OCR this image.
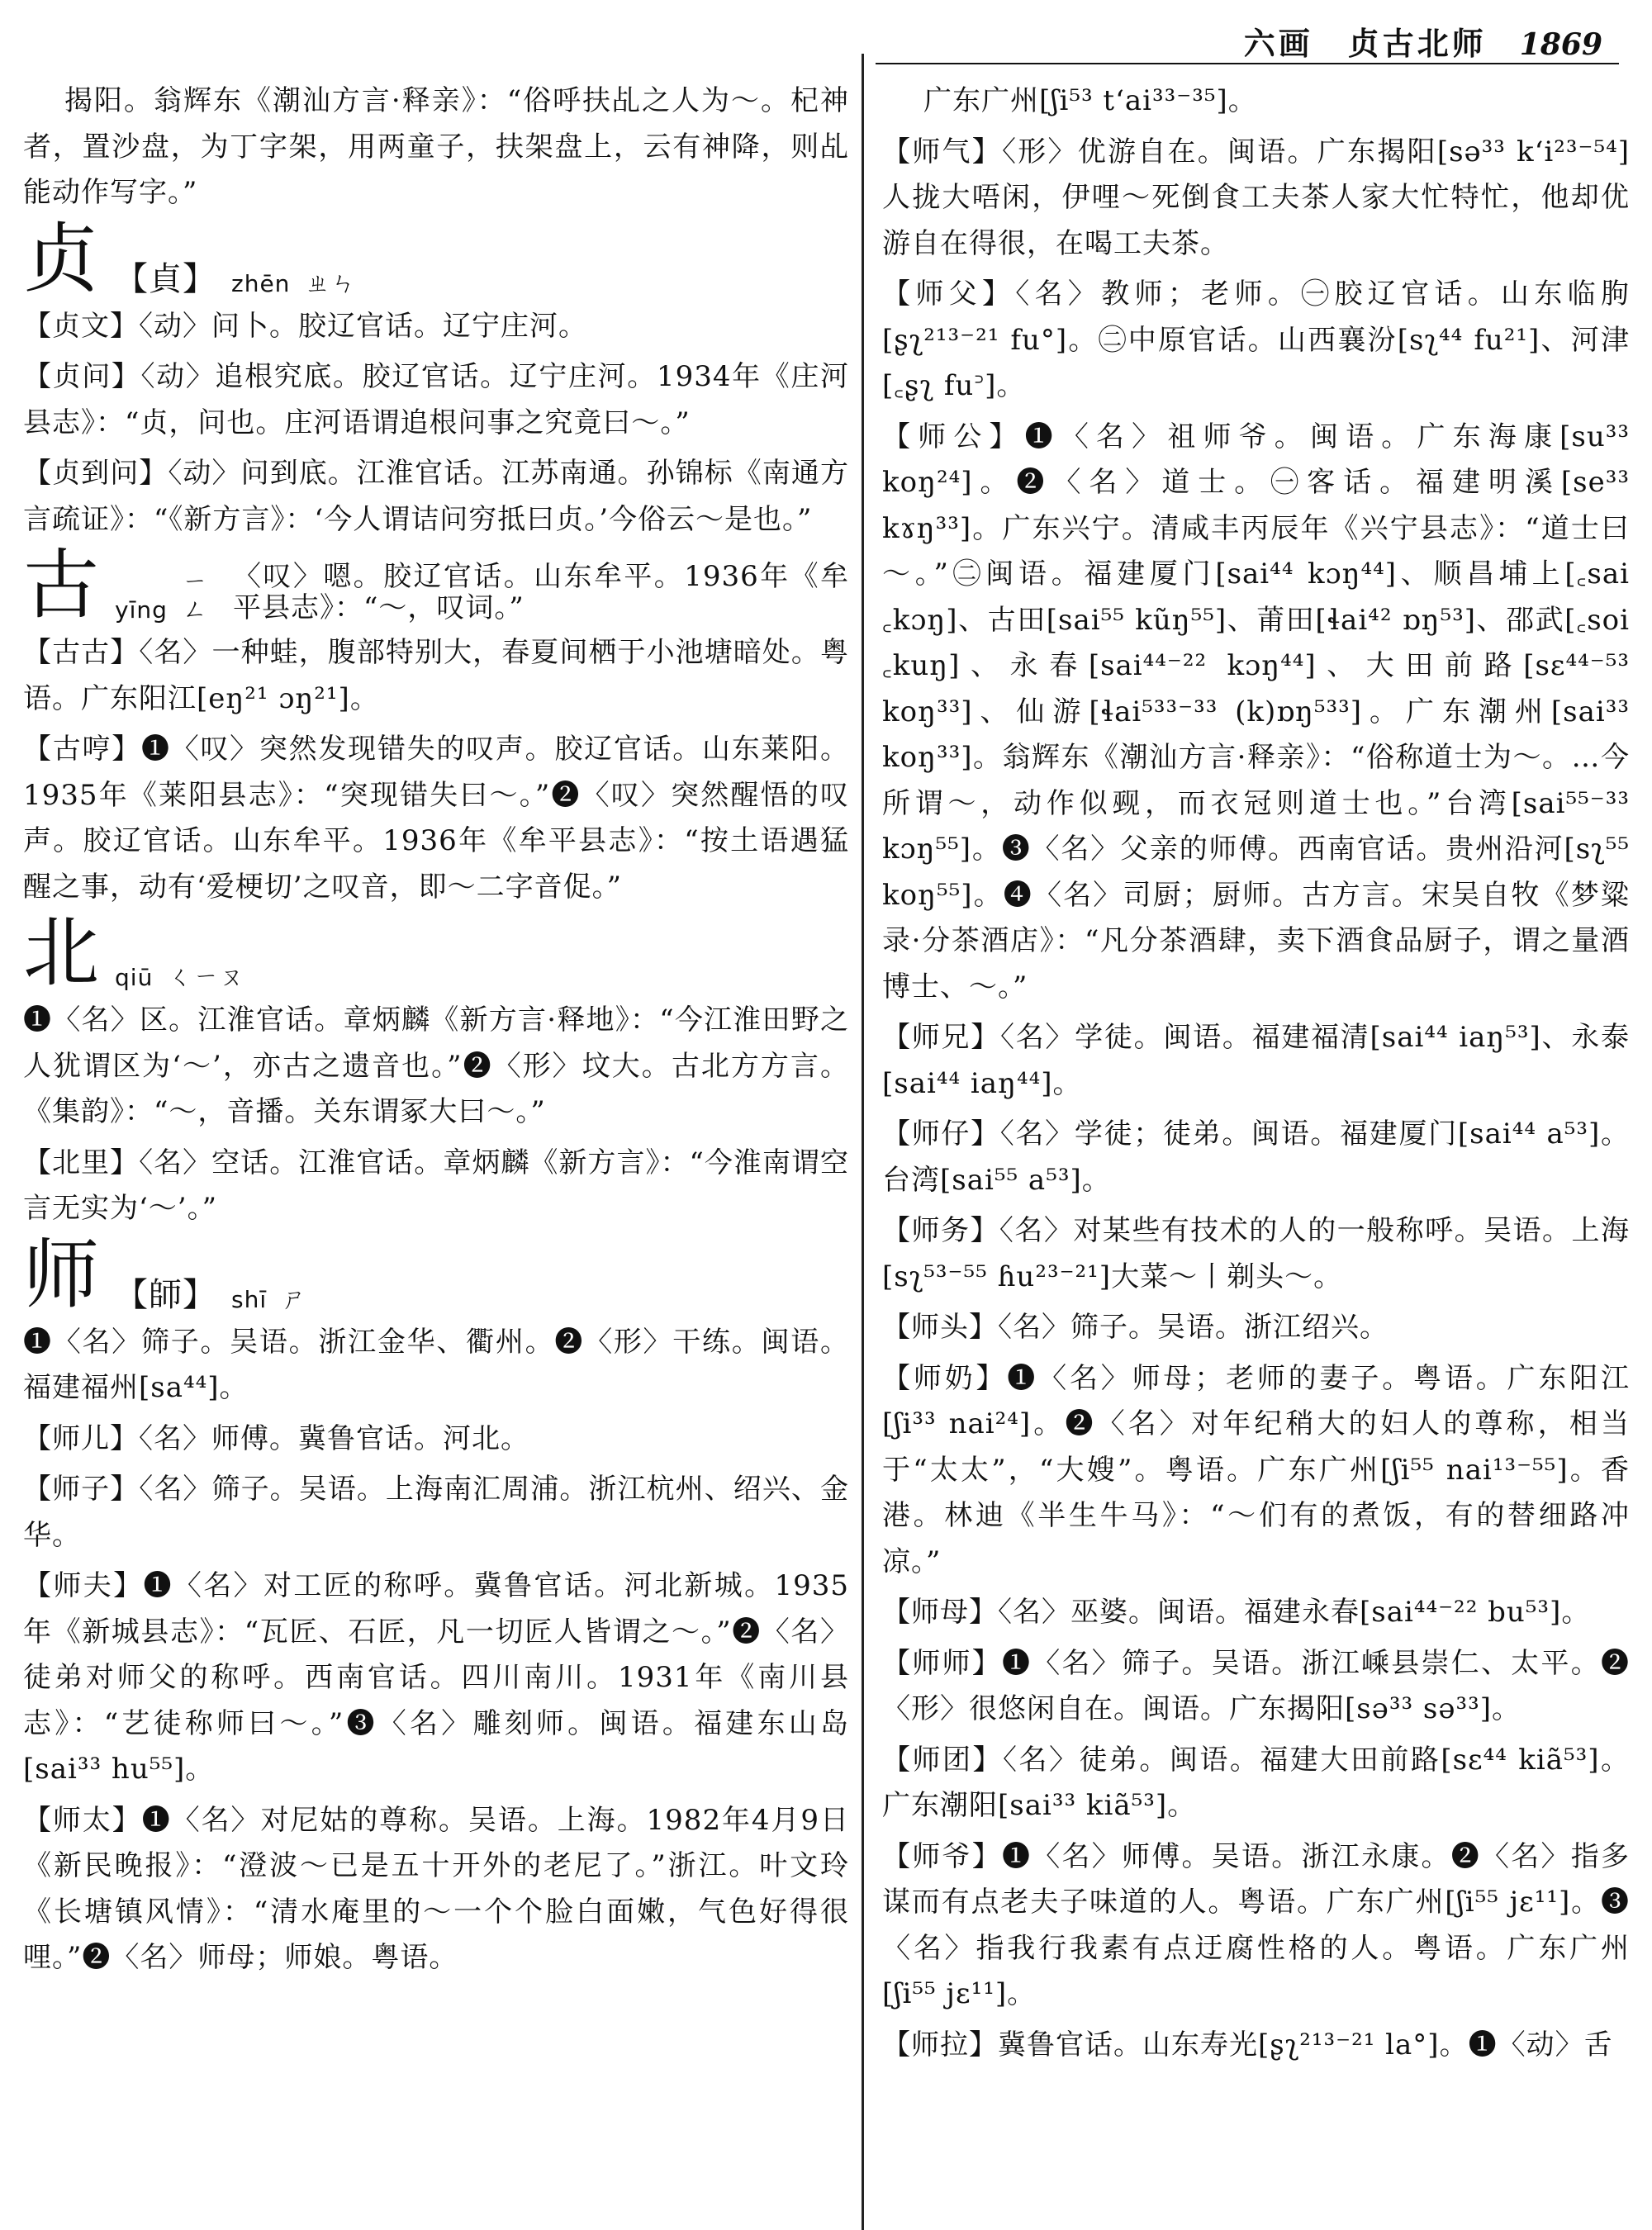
六画　贞古北师 1869

揭阳。翁辉东《潮汕方言·释亲》：“俗呼扶乩之人为～。杞神者，置沙盘，为丁字架，用两童子，扶架盘上，云有神降，则乩能动作写字。”

贞 【貞】 zhēn ㄓㄣ

【贞文】〈动〉问卜。胶辽官话。辽宁庄河。

【贞问】〈动〉追根究底。胶辽官话。辽宁庄河。1934年《庄河县志》：“贞，问也。庄河语谓追根问事之究竟曰～。”

【贞到问】〈动〉问到底。江淮官话。江苏南通。孙锦标《南通方言疏证》：“《新方言》：‘今人谓诘问穷抵曰贞。’今俗云～是也。”

古 yīng
ㄧㄥ
〈叹〉嗯。胶辽官话。山东牟平。1936年《牟平县志》：“～，叹词。”

【古古】〈名〉一种蛙，腹部特别大，春夏间栖于小池塘暗处。粤语。广东阳江[eŋ²¹ ɔŋ²¹]。

【古哼】❶〈叹〉突然发现错失的叹声。胶辽官话。山东莱阳。1935年《莱阳县志》：“突现错失曰～。”❷〈叹〉突然醒悟的叹声。胶辽官话。山东牟平。1936年《牟平县志》：“按土语遇猛醒之事，动有‘爱梗切’之叹音，即～二字音促。”

北 qiū ㄑㄧㄡ

❶〈名〉区。江淮官话。章炳麟《新方言·释地》：“今江淮田野之人犹谓区为‘～’，亦古之遗音也。”❷〈形〉坟大。古北方方言。《集韵》：“～，音播。关东谓冢大曰～。”

【北里】〈名〉空话。江淮官话。章炳麟《新方言》：“今淮南谓空言无实为‘～’。”

师 【師】 shī ㄕ

❶〈名〉筛子。吴语。浙江金华、衢州。❷〈形〉干练。闽语。福建福州[sa⁴⁴]。

【师儿】〈名〉师傅。冀鲁官话。河北。

【师子】〈名〉筛子。吴语。上海南汇周浦。浙江杭州、绍兴、金华。

【师夫】❶〈名〉对工匠的称呼。冀鲁官话。河北新城。1935年《新城县志》：“瓦匠、石匠，凡一切匠人皆谓之～。”❷〈名〉徒弟对师父的称呼。西南官话。四川南川。1931年《南川县志》：“艺徒称师曰～。”❸〈名〉雕刻师。闽语。福建东山岛[sai³³ hu⁵⁵]。

【师太】❶〈名〉对尼姑的尊称。吴语。上海。1982年4月9日《新民晚报》：“澄波～已是五十开外的老尼了。”浙江。叶文玲《长塘镇风情》：“清水庵里的～一个个脸白面嫩，气色好得很哩。”❷〈名〉师母；师娘。粤语。

广东广州[ʃi⁵³ tʻai³³⁻³⁵]。

【师气】〈形〉优游自在。闽语。广东揭阳[sə³³ kʻi²³⁻⁵⁴]人拢大唔闲，伊哩～死倒食工夫茶人家大忙特忙，他却优游自在得很，在喝工夫茶。

【师父】〈名〉教师；老师。㊀胶辽官话。山东临朐[ʂʅ²¹³⁻²¹ fu°]。㊁中原官话。山西襄汾[sʅ⁴⁴ fu²¹]、河津[꜀ʂʅ fu꜄]。

【师公】❶〈名〉祖师爷。闽语。广东海康[su³³ koŋ²⁴]。❷〈名〉道士。㊀客话。福建明溪[se³³ kɤŋ³³]。广东兴宁。清咸丰丙辰年《兴宁县志》：“道士曰～。”㊁闽语。福建厦门[sai⁴⁴ kɔŋ⁴⁴]、顺昌埔上[꜀sai ꜀kɔŋ]、古田[sai⁵⁵ kũŋ⁵⁵]、莆田[ɬai⁴² ɒŋ⁵³]、邵武[꜀soi ꜀kuŋ]、永春[sai⁴⁴⁻²² kɔŋ⁴⁴]、大田前路[sɛ⁴⁴⁻⁵³ koŋ³³]、仙游[ɬai⁵³³⁻³³ (k)ɒŋ⁵³³]。广东潮州[sai³³ koŋ³³]。翁辉东《潮汕方言·释亲》：“俗称道士为～。…今所谓～，动作似觋，而衣冠则道士也。”台湾[sai⁵⁵⁻³³ kɔŋ⁵⁵]。❸〈名〉父亲的师傅。西南官话。贵州沿河[sʅ⁵⁵ koŋ⁵⁵]。❹〈名〉司厨；厨师。古方言。宋吴自牧《梦粱录·分茶酒店》：“凡分茶酒肆，卖下酒食品厨子，谓之量酒博士、～。”

【师兄】〈名〉学徒。闽语。福建福清[sai⁴⁴ iaŋ⁵³]、永泰[sai⁴⁴ iaŋ⁴⁴]。

【师仔】〈名〉学徒；徒弟。闽语。福建厦门[sai⁴⁴ a⁵³]。台湾[sai⁵⁵ a⁵³]。

【师务】〈名〉对某些有技术的人的一般称呼。吴语。上海[sʅ⁵³⁻⁵⁵ ɦu²³⁻²¹]大菜～丨剃头～。

【师头】〈名〉筛子。吴语。浙江绍兴。

【师奶】❶〈名〉师母；老师的妻子。粤语。广东阳江[ʃi³³ nai²⁴]。❷〈名〉对年纪稍大的妇人的尊称，相当于“太太”，“大嫂”。粤语。广东广州[ʃi⁵⁵ nai¹³⁻⁵⁵]。香港。林迪《半生牛马》：“～们有的煮饭，有的替细路冲凉。”

【师母】〈名〉巫婆。闽语。福建永春[sai⁴⁴⁻²² bu⁵³]。

【师师】❶〈名〉筛子。吴语。浙江嵊县崇仁、太平。❷〈形〉很悠闲自在。闽语。广东揭阳[sə³³ sə³³]。

【师团】〈名〉徒弟。闽语。福建大田前路[sɛ⁴⁴ kiã⁵³]。广东潮阳[sai³³ kiã⁵³]。

【师爷】❶〈名〉师傅。吴语。浙江永康。❷〈名〉指多谋而有点老夫子味道的人。粤语。广东广州[ʃi⁵⁵ jɛ¹¹]。❸〈名〉指我行我素有点迂腐性格的人。粤语。广东广州[ʃi⁵⁵ jɛ¹¹]。

【师拉】冀鲁官话。山东寿光[ʂʅ²¹³⁻²¹ la°]。❶〈动〉舌
